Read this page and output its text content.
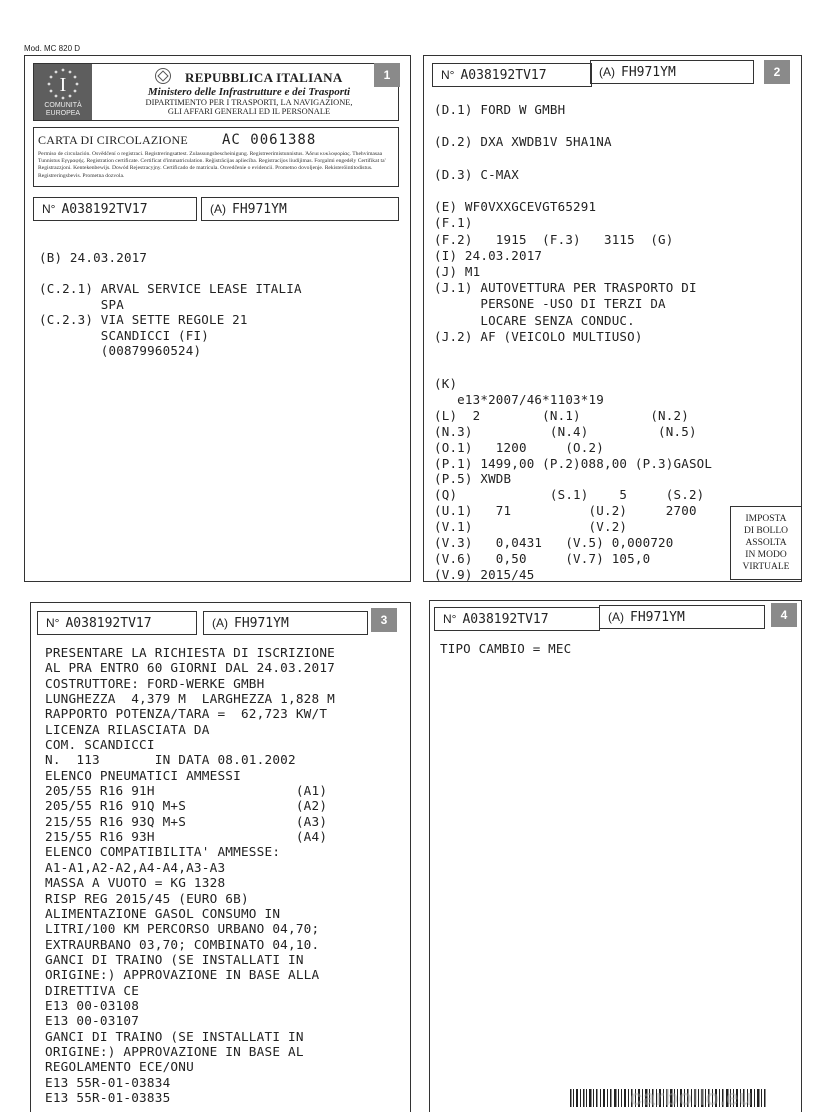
Mod. MC 820 D
I
COMUNITÀ
EUROPEA
REPUBBLICA ITALIANA
Ministero delle Infrastrutture e dei Trasporti
DIPARTIMENTO PER I TRASPORTI, LA NAVIGAZIONE,
GLI AFFARI GENERALI ED IL PERSONALE
1
CARTA DI CIRCOLAZIONE AC 0061388
Permiso de circulación. Osvědčení o registraci. Registreringsattest. Zulassungsbescheinigung. Registreerimistunnistus. Άδεια κυκλοφορίας. Thehvimasaa Tunnistus Εγγραφής. Registration certificate. Certificat d'immatriculation. Reģistrācijas apliecība. Registracijos liudijimas. Forgalmi engedély Certifikat ta' Registrazzjoni. Kentekenbewijs. Dowód Rejestracyjny. Certificado de matrícula. Osvedčenie o evidencii. Prometno dovoljenje. Rekisteröintitodistus. Registreringsbevis. Prometna dozvola.
N° A038192TV17	(A) FH971YM
(B) 24.03.2017

(C.2.1) ARVAL SERVICE LEASE ITALIA
SPA
(C.2.3) VIA SETTE REGOLE 21
SCANDICCI (FI)
(00879960524)
N° A038192TV17	(A) FH971YM	2
(D.1) FORD W GMBH

(D.2) DXA XWDB1V 5HA1NA

(D.3) C-MAX

(E) WF0VXXGCEVGT65291
(F.1)
(F.2)   1915  (F.3)   3115  (G)
(I) 24.03.2017
(J) M1
(J.1) AUTOVETTURA PER TRASPORTO DI
PERSONE -USO DI TERZI DA
LOCARE SENZA CONDUC.
(J.2) AF (VEICOLO MULTIUSO)
(K)
e13*2007/46*1103*19
(L)  2        (N.1)         (N.2)
(N.3)          (N.4)         (N.5)
(O.1)   1200     (O.2)
(P.1) 1499,00 (P.2)088,00 (P.3)GASOL
(P.5) XWDB
(Q)            (S.1)    5     (S.2)
(U.1)   71          (U.2)     2700
(V.1)               (V.2)
(V.3)   0,0431   (V.5) 0,000720
(V.6)   0,50     (V.7) 105,0
(V.9) 2015/45
IMPOSTA
DI BOLLO
ASSOLTA
IN MODO
VIRTUALE
N° A038192TV17	(A) FH971YM	3
PRESENTARE LA RICHIESTA DI ISCRIZIONE
AL PRA ENTRO 60 GIORNI DAL 24.03.2017
COSTRUTTORE: FORD-WERKE GMBH
LUNGHEZZA  4,379 M  LARGHEZZA 1,828 M
RAPPORTO POTENZA/TARA =  62,723 KW/T
LICENZA RILASCIATA DA
COM. SCANDICCI
N.  113       IN DATA 08.01.2002
ELENCO PNEUMATICI AMMESSI
205/55 R16 91H                  (A1)
205/55 R16 91Q M+S              (A2)
215/55 R16 93Q M+S              (A3)
215/55 R16 93H                  (A4)
ELENCO COMPATIBILITA' AMMESSE:
A1-A1,A2-A2,A4-A4,A3-A3
MASSA A VUOTO = KG 1328
RISP REG 2015/45 (EURO 6B)
ALIMENTAZIONE GASOL CONSUMO IN
LITRI/100 KM PERCORSO URBANO 04,70;
EXTRAURBANO 03,70; COMBINATO 04,10.
GANCI DI TRAINO (SE INSTALLATI IN
ORIGINE:) APPROVAZIONE IN BASE ALLA
DIRETTIVA CE
E13 00-03108
E13 00-03107
GANCI DI TRAINO (SE INSTALLATI IN
ORIGINE:) APPROVAZIONE IN BASE AL
REGOLAMENTO ECE/ONU
E13 55R-01-03834
E13 55R-01-03835
N° A038192TV17	(A) FH971YM	4
TIPO CAMBIO = MEC
carbollo.eu
